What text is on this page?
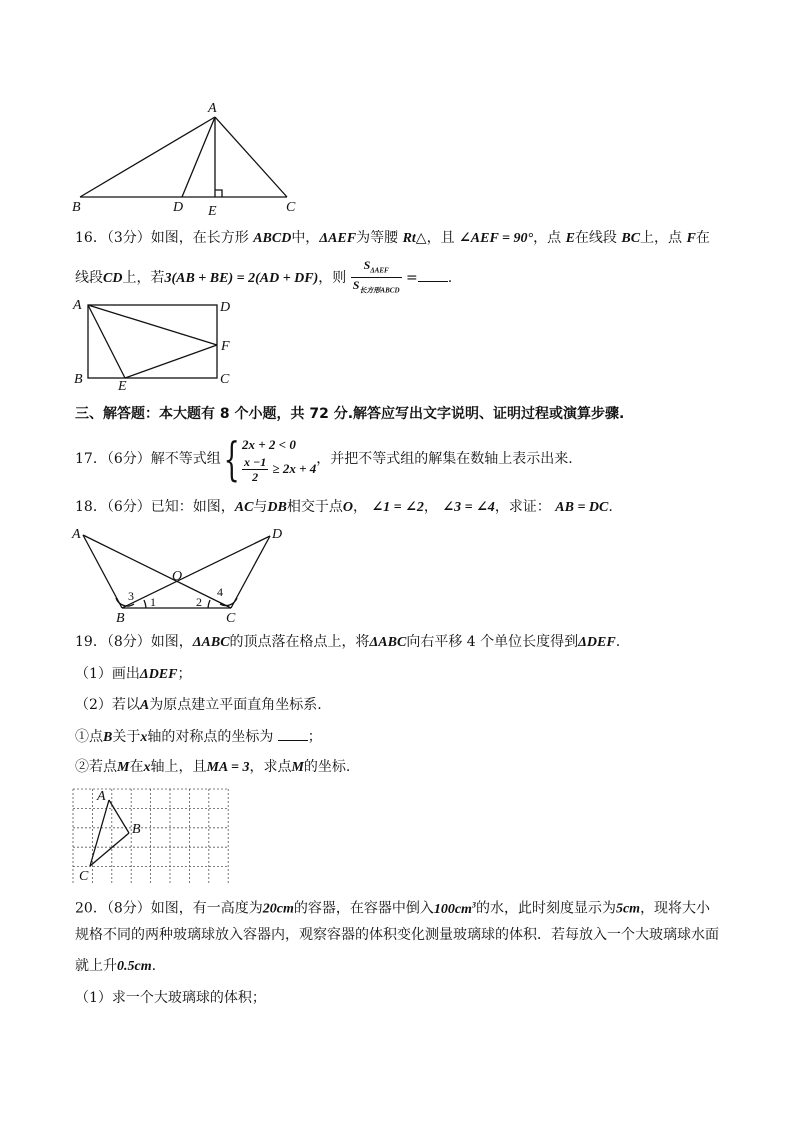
A
B	D E	C
16．（3分）如图，在长方形 ABCD中，ΔAEF为等腰 Rt△，且 ∠AEF = 90°，点 E在线段 BC上，点 F在
线段CD上，若3(AB + BE) = 2(AD + DF)，则 $\frac{S_{\Delta AEF}}{S_{长方形ABCD}}$ = .
A	D
F
B	E	C
三、解答题：本大题有 8 个小题，共 72 分.解答应写出文字说明、证明过程或演算步骤.
17．（6分）解不等式组{ 2x + 2 < 0
$\frac{x -1}{2} \ge 2x + 4$
，并把不等式组的解集在数轴上表示出来.
18．（6分）已知：如图，AC与DB相交于点O， ∠1 = ∠2， ∠3 = ∠4，求证： AB = DC.
A	D
O
B	C
3 1	2
4
19．（8分）如图，ΔABC的顶点落在格点上，将ΔABC向右平移 4 个单位长度得到ΔDEF.
（1）画出ΔDEF；
（2）若以A为原点建立平面直角坐标系.
①点B关于x轴的对称点的坐标为 ；
②若点M在x轴上，且MA = 3，求点M的坐标.
A
B
C
20．（8分）如图，有一高度为20cm的容器，在容器中倒入$100cm^3$的水，此时刻度显示为5cm，现将大小
规格不同的两种玻璃球放入容器内，观察容器的体积变化测量玻璃球的体积．若每放入一个大玻璃球水面
就上升0.5cm.
（1）求一个大玻璃球的体积；
